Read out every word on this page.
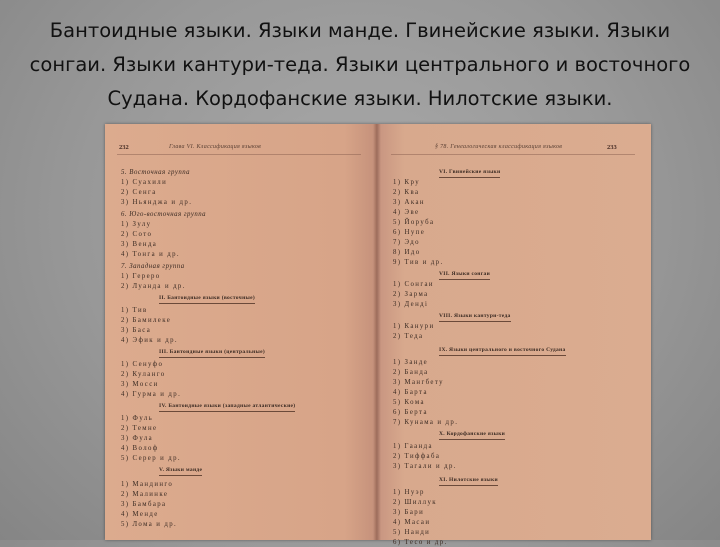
Бантоидные языки. Языки манде. Гвинейские языки. Языки сонгаи. Языки кантури-теда. Языки центрального и восточного Судана. Кордофанские языки. Нилотские языки.
232	Глава VI. Классификация языков
5. Восточная группа
1) Суахили
2) Сенга
3) Ньянджа и др.
6. Юго-восточная группа
1) Зулу
2) Сото
3) Венда
4) Тонга и др.
7. Западная группа
1) Гереро
2) Луанда и др.
II. Бантоидные языки (восточные)
1) Тив
2) Бамилеке
3) Баса
4) Эфик и др.
III. Бантоидные языки (центральные)
1) Сенуфо
2) Куланго
3) Мосси
4) Гурма и др.
IV. Бантоидные языки (западные атлантические)
1) Фуль
2) Темне
3) Фула
4) Волоф
5) Серер и др.
V. Языки манде
1) Мандинго
2) Малинке
3) Бамбара
4) Менде
5) Лома и др.
§ 78. Генеалогическая классификация языков	233
VI. Гвинейские языки
1) Кру
2) Ква
3) Акан
4) Эве
5) Йоруба
6) Нупе
7) Эдо
8) Идо
9) Тив и др.
VII. Языки сонгаи
1) Сонгаи
2) Зарма
3) Дендi
VIII. Языки кантури-теда
1) Канури
2) Теда
IX. Языки центрального и восточного Судана
1) Занде
2) Банда
3) Мангбету
4) Барта
5) Кома
6) Берта
7) Кунама и др.
X. Кордофанские языки
1) Гаанда
2) Тиффаба
3) Тагали и др.
XI. Нилотские языки
1) Нуэр
2) Шиллук
3) Бари
4) Масаи
5) Нанди
6) Тесо и др.
